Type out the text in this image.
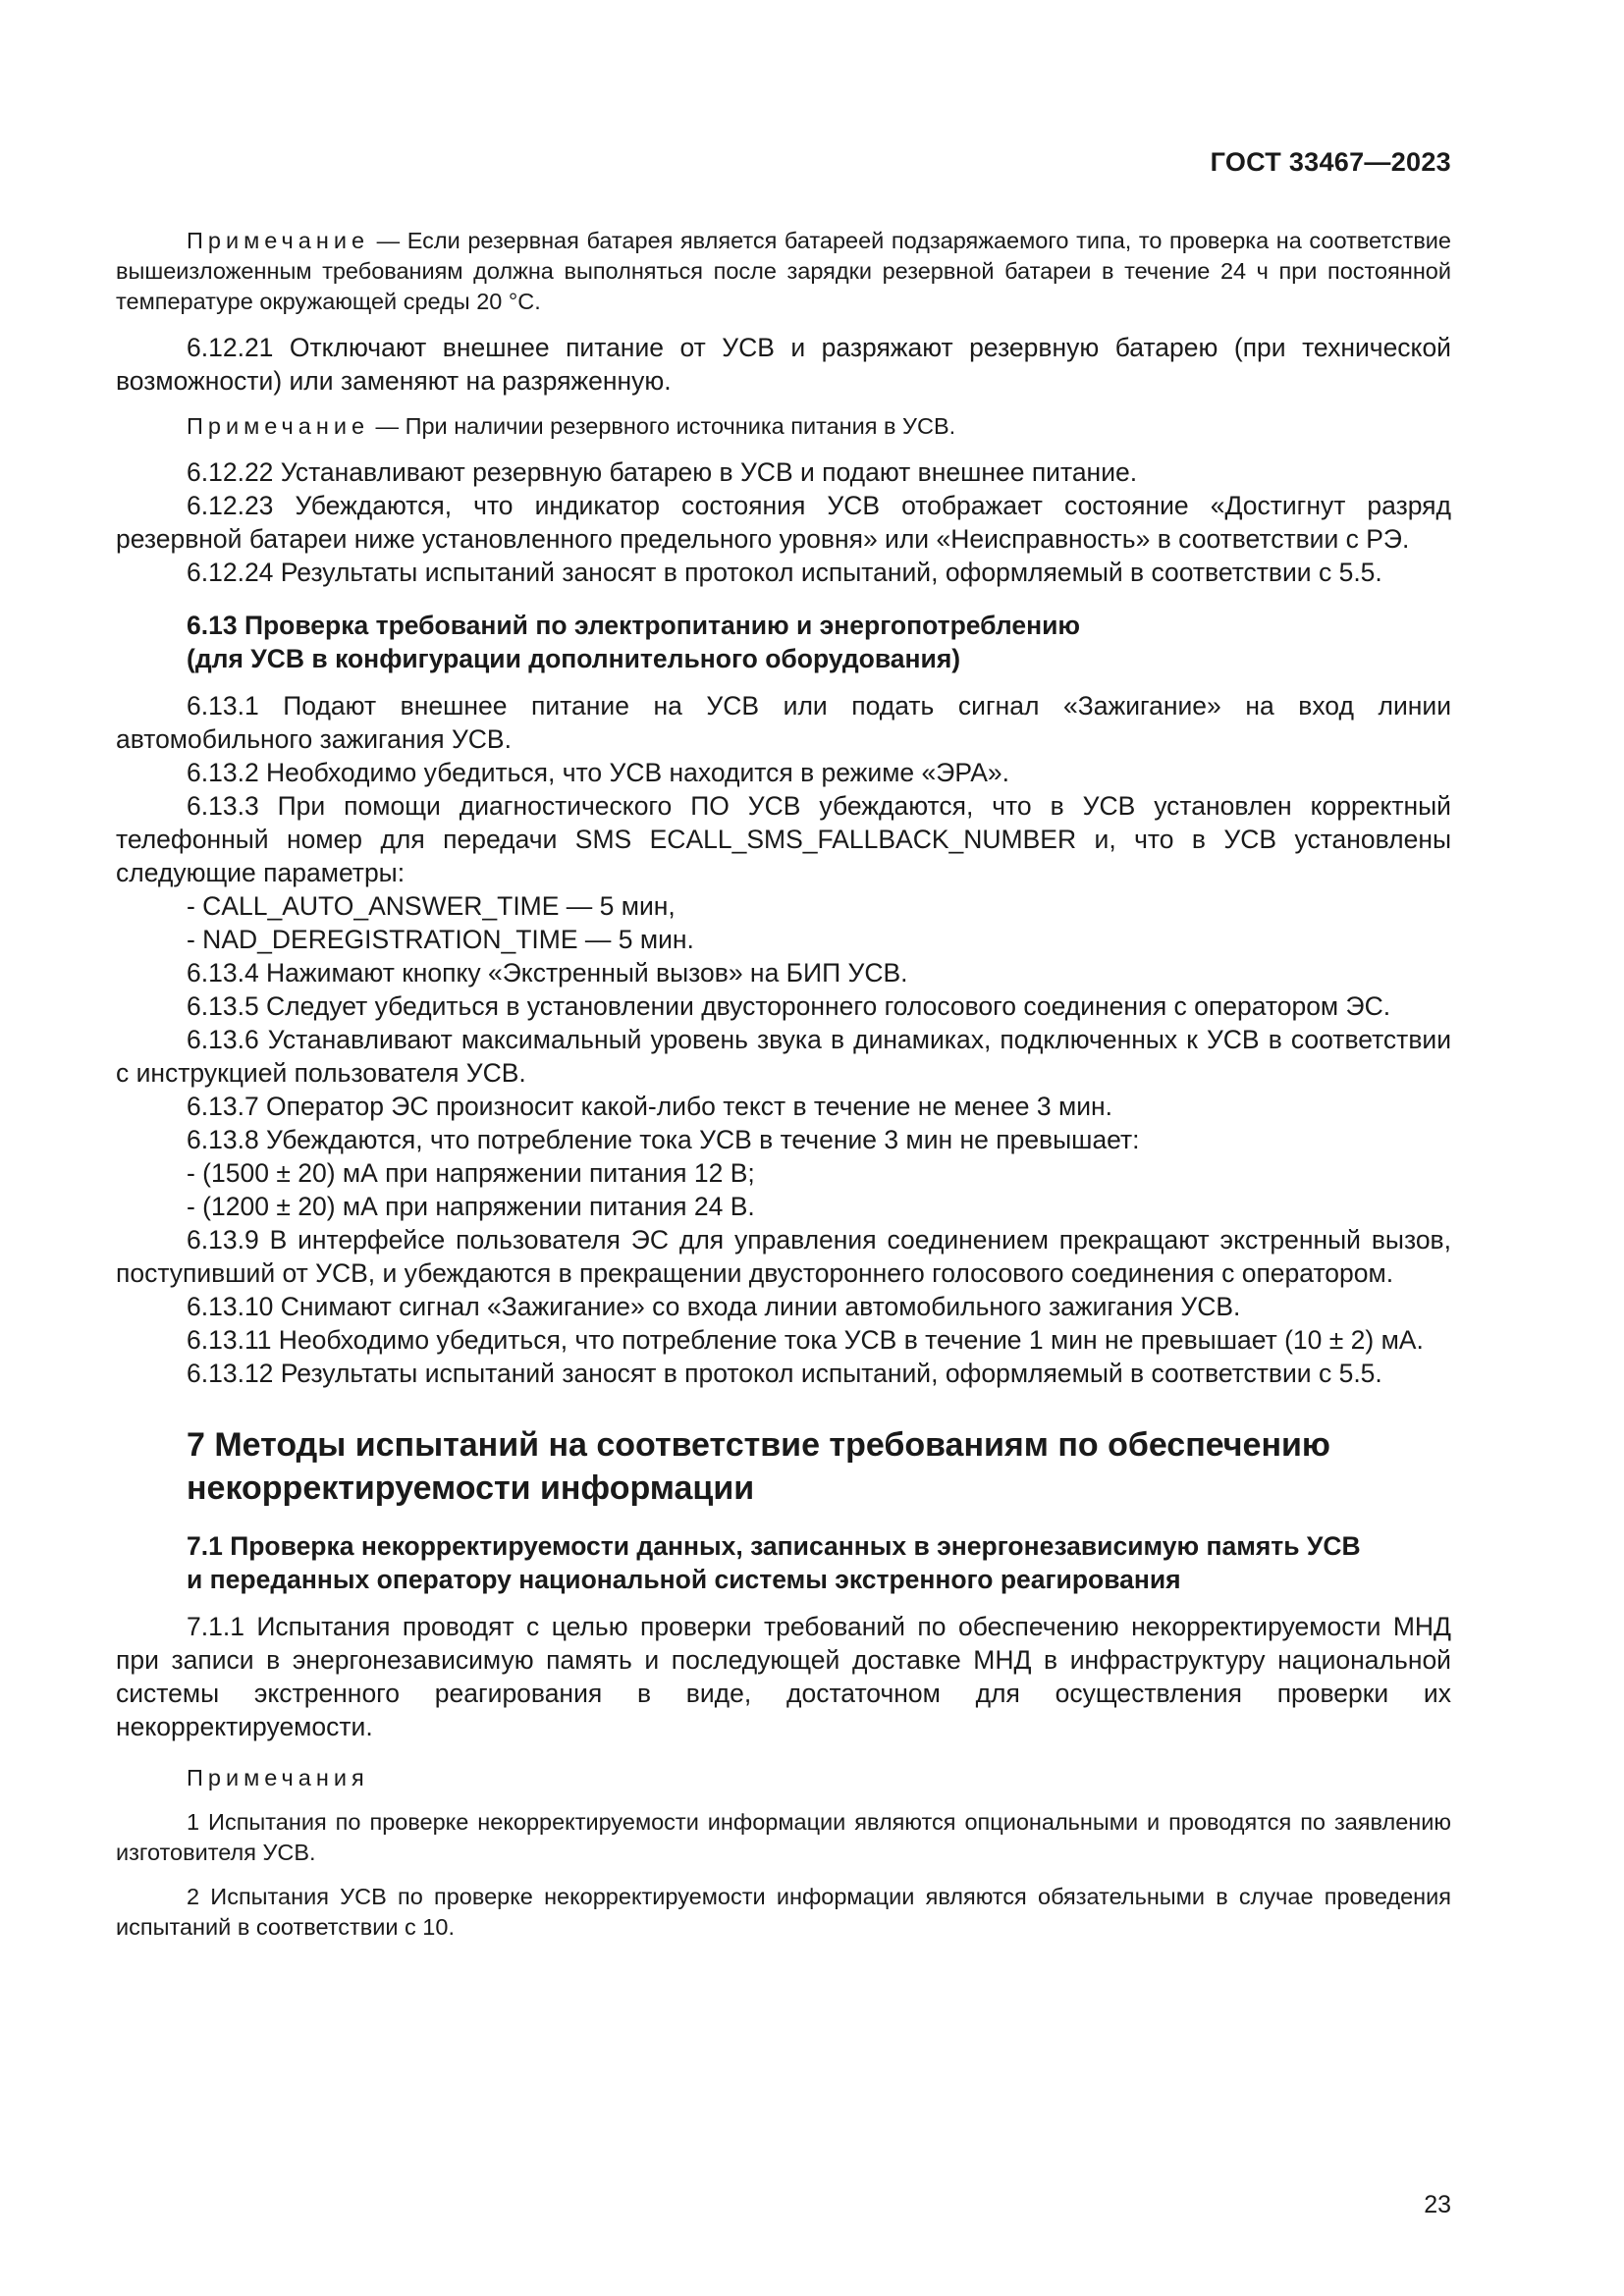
ГОСТ 33467—2023

Примечание — Если резервная батарея является батареей подзаряжаемого типа, то проверка на соответствие вышеизложенным требованиям должна выполняться после зарядки резервной батареи в течение 24 ч при постоянной температуре окружающей среды 20 °С.

6.12.21 Отключают внешнее питание от УСВ и разряжают резервную батарею (при технической возможности) или заменяют на разряженную.

Примечание — При наличии резервного источника питания в УСВ.

6.12.22 Устанавливают резервную батарею в УСВ и подают внешнее питание.

6.12.23 Убеждаются, что индикатор состояния УСВ отображает состояние «Достигнут разряд резервной батареи ниже установленного предельного уровня» или «Неисправность» в соответствии с РЭ.

6.12.24 Результаты испытаний заносят в протокол испытаний, оформляемый в соответствии с 5.5.

6.13 Проверка требований по электропитанию и энергопотреблению

(для УСВ в конфигурации дополнительного оборудования)

6.13.1 Подают внешнее питание на УСВ или подать сигнал «Зажигание» на вход линии автомобильного зажигания УСВ.

6.13.2 Необходимо убедиться, что УСВ находится в режиме «ЭРА».

6.13.3 При помощи диагностического ПО УСВ убеждаются, что в УСВ установлен корректный телефонный номер для передачи SMS ECALL_SMS_FALLBACK_NUMBER и, что в УСВ установлены следующие параметры:

- CALL_AUTO_ANSWER_TIME — 5 мин,

- NAD_DEREGISTRATION_TIME — 5 мин.

6.13.4 Нажимают кнопку «Экстренный вызов» на БИП УСВ.

6.13.5 Следует убедиться в установлении двустороннего голосового соединения с оператором ЭС.

6.13.6 Устанавливают максимальный уровень звука в динамиках, подключенных к УСВ в соответствии с инструкцией пользователя УСВ.

6.13.7 Оператор ЭС произносит какой-либо текст в течение не менее 3 мин.

6.13.8 Убеждаются, что потребление тока УСВ в течение 3 мин не превышает:

- (1500 ± 20) мА при напряжении питания 12 В;

- (1200 ± 20) мА при напряжении питания 24 В.

6.13.9 В интерфейсе пользователя ЭС для управления соединением прекращают экстренный вызов, поступивший от УСВ, и убеждаются в прекращении двустороннего голосового соединения с оператором.

6.13.10 Снимают сигнал «Зажигание» со входа линии автомобильного зажигания УСВ.

6.13.11 Необходимо убедиться, что потребление тока УСВ в течение 1 мин не превышает (10 ± 2) мА.

6.13.12 Результаты испытаний заносят в протокол испытаний, оформляемый в соответствии с 5.5.

7 Методы испытаний на соответствие требованиям по обеспечению

некорректируемости информации

7.1 Проверка некорректируемости данных, записанных в энергонезависимую память УСВ

и переданных оператору национальной системы экстренного реагирования

7.1.1 Испытания проводят с целью проверки требований по обеспечению некорректируемости МНД при записи в энергонезависимую память и последующей доставке МНД в инфраструктуру национальной системы экстренного реагирования в виде, достаточном для осуществления проверки их некорректируемости.

Примечания

1 Испытания по проверке некорректируемости информации являются опциональными и проводятся по заявлению изготовителя УСВ.

2 Испытания УСВ по проверке некорректируемости информации являются обязательными в случае проведения испытаний в соответствии с 10.

23
